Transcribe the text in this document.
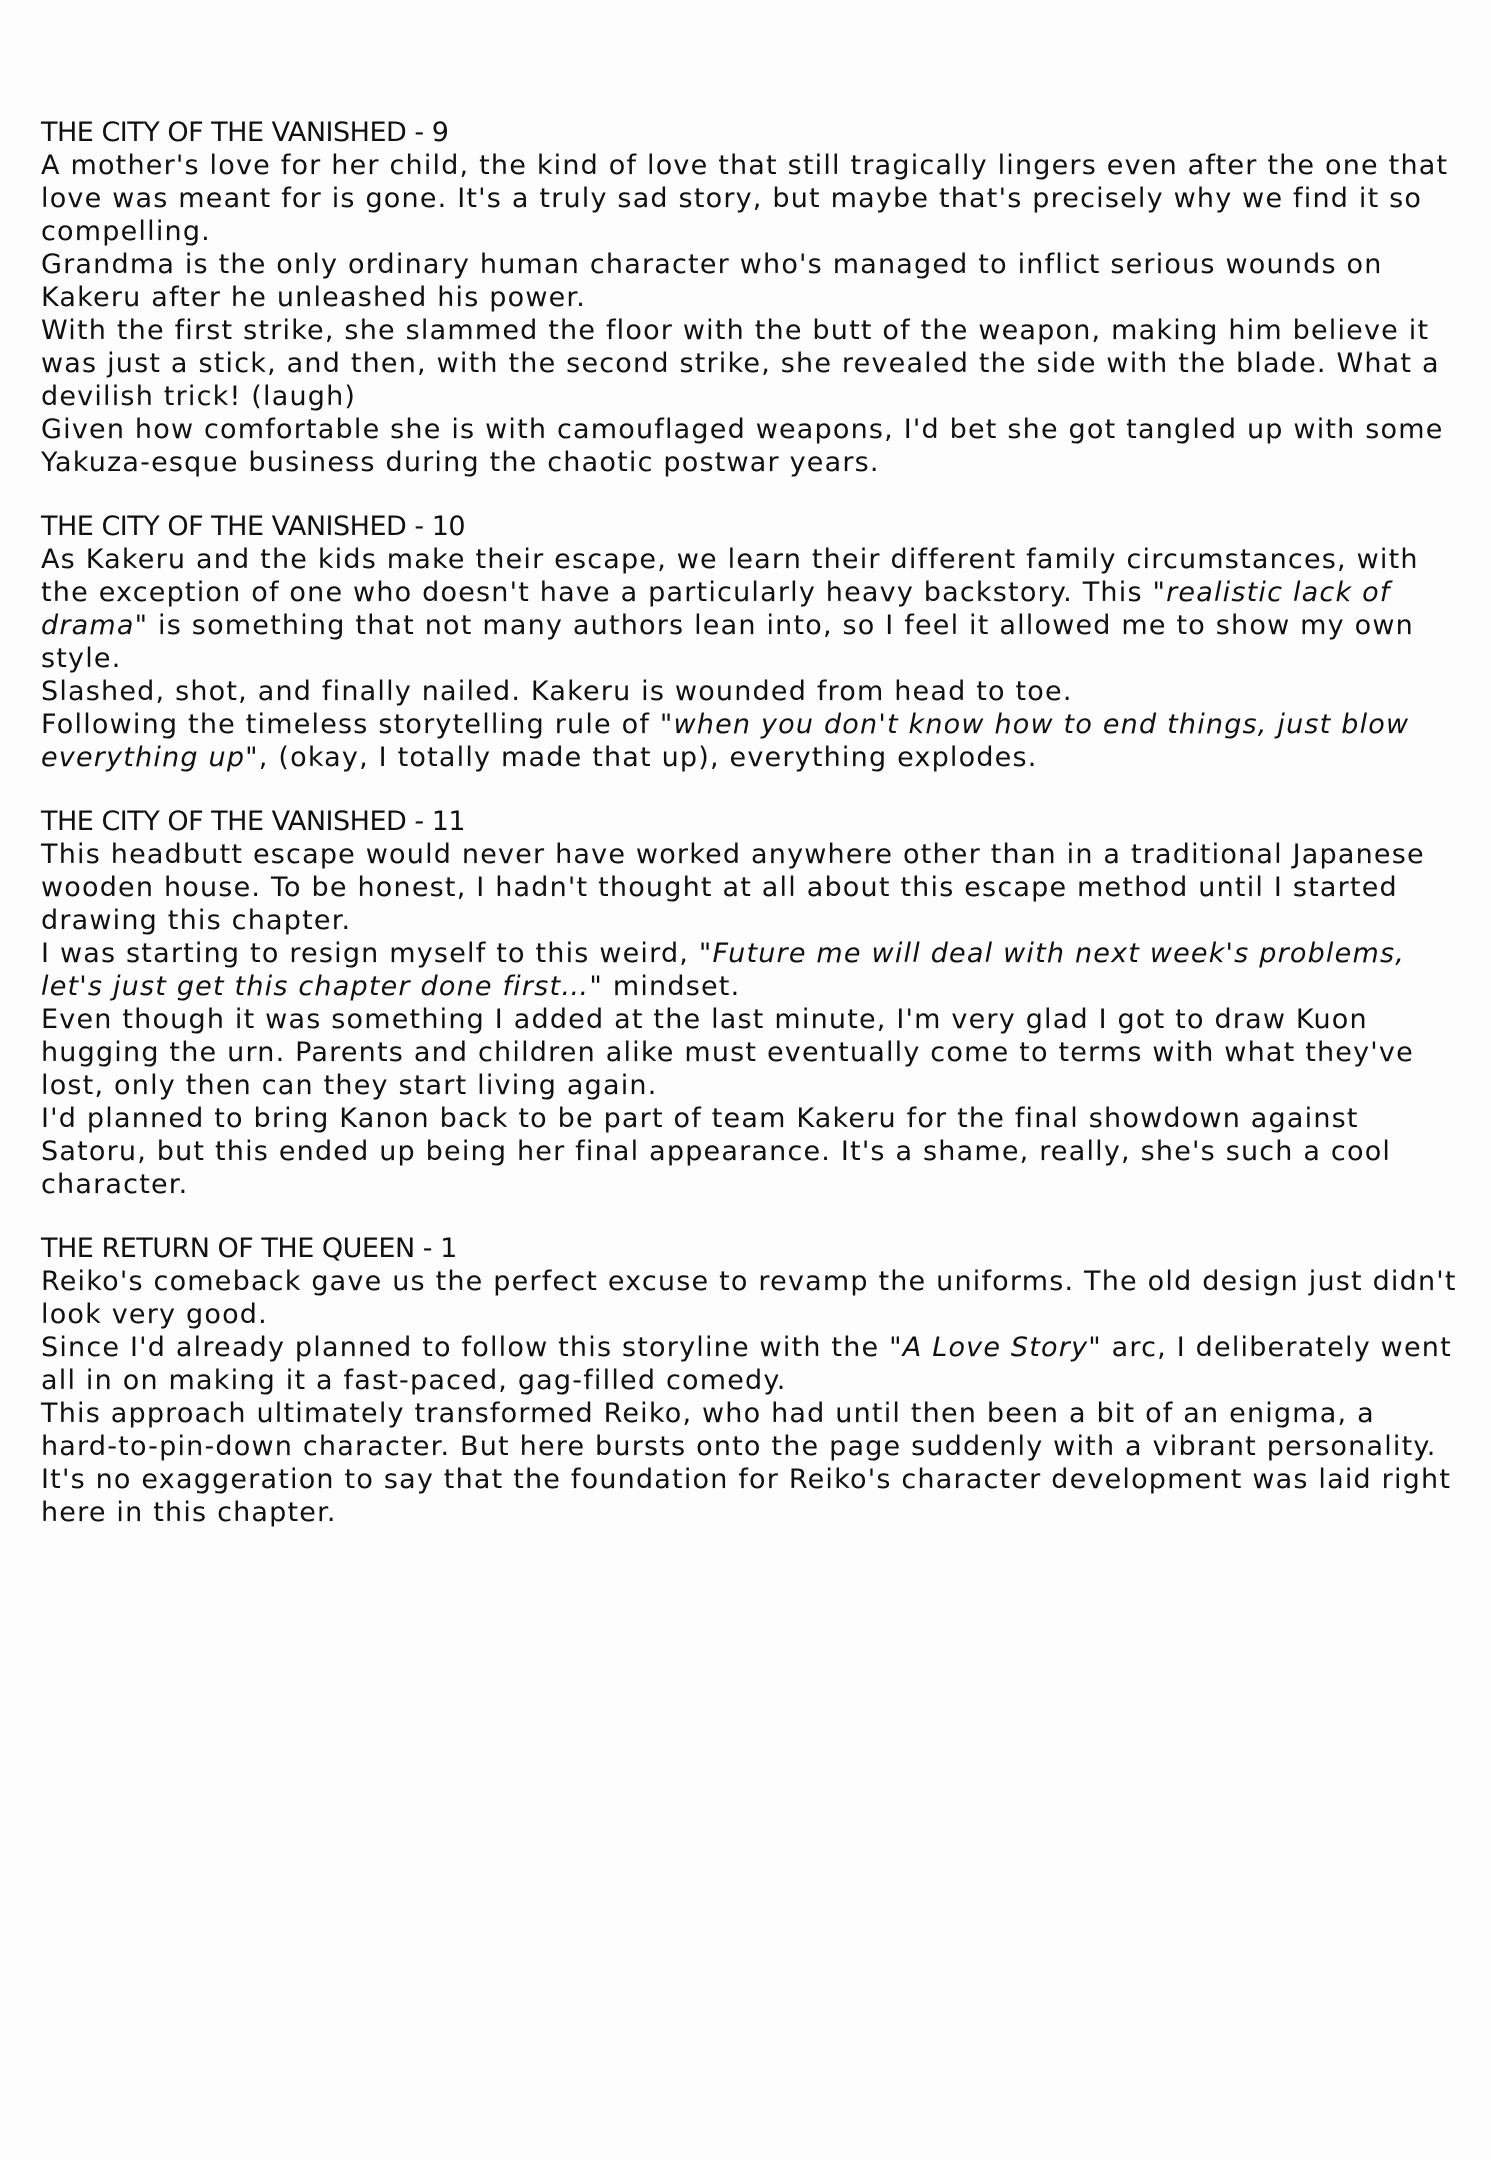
THE CITY OF THE VANISHED - 9

A mother's love for her child, the kind of love that still tragically lingers even after the one that love was meant for is gone. It's a truly sad story, but maybe that's precisely why we find it so compelling.

Grandma is the only ordinary human character who's managed to inflict serious wounds on Kakeru after he unleashed his power.

With the first strike, she slammed the floor with the butt of the weapon, making him believe it was just a stick, and then, with the second strike, she revealed the side with the blade. What a devilish trick! (laugh)

Given how comfortable she is with camouflaged weapons, I'd bet she got tangled up with some Yakuza-esque business during the chaotic postwar years.

THE CITY OF THE VANISHED - 10

As Kakeru and the kids make their escape, we learn their different family circumstances, with the exception of one who doesn't have a particularly heavy backstory. This "realistic lack of drama" is something that not many authors lean into, so I feel it allowed me to show my own style.

Slashed, shot, and finally nailed. Kakeru is wounded from head to toe.

Following the timeless storytelling rule of "when you don't know how to end things, just blow everything up", (okay, I totally made that up), everything explodes.

THE CITY OF THE VANISHED - 11

This headbutt escape would never have worked anywhere other than in a traditional Japanese wooden house. To be honest, I hadn't thought at all about this escape method until I started drawing this chapter.

I was starting to resign myself to this weird, "Future me will deal with next week's problems, let's just get this chapter done first…" mindset.

Even though it was something I added at the last minute, I'm very glad I got to draw Kuon hugging the urn. Parents and children alike must eventually come to terms with what they've lost, only then can they start living again.

I'd planned to bring Kanon back to be part of team Kakeru for the final showdown against Satoru, but this ended up being her final appearance. It's a shame, really, she's such a cool character.

THE RETURN OF THE QUEEN - 1

Reiko's comeback gave us the perfect excuse to revamp the uniforms. The old design just didn't look very good.

Since I'd already planned to follow this storyline with the "A Love Story" arc, I deliberately went all in on making it a fast-paced, gag-filled comedy.

This approach ultimately transformed Reiko, who had until then been a bit of an enigma, a hard-to-pin-down character. But here bursts onto the page suddenly with a vibrant personality.

It's no exaggeration to say that the foundation for Reiko's character development was laid right here in this chapter.
